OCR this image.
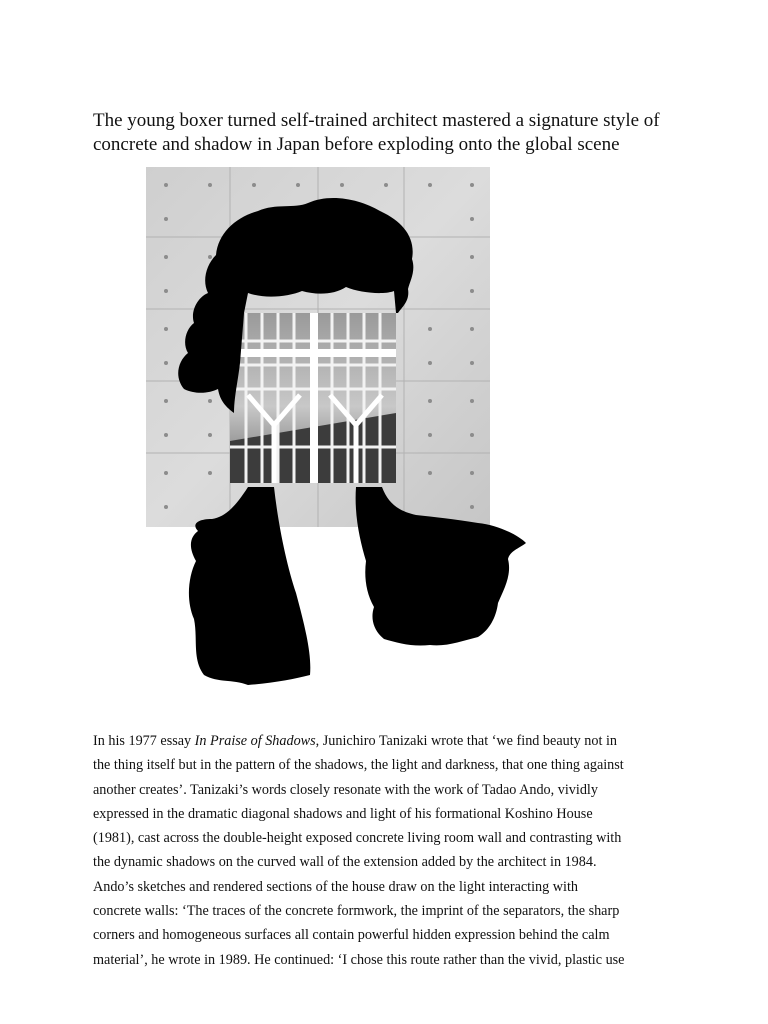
The young boxer turned self-trained architect mastered a signature style of
concrete and shadow in Japan before exploding onto the global scene

In his 1977 essay In Praise of Shadows, Junichiro Tanizaki wrote that ‘we find beauty not in
the thing itself but in the pattern of the shadows, the light and darkness, that one thing against
another creates’. Tanizaki’s words closely resonate with the work of Tadao Ando, vividly
expressed in the dramatic diagonal shadows and light of his formational Koshino House
(1981), cast across the double-height exposed concrete living room wall and contrasting with
the dynamic shadows on the curved wall of the extension added by the architect in 1984.
Ando’s sketches and rendered sections of the house draw on the light interacting with
concrete walls: ‘The traces of the concrete formwork, the imprint of the separators, the sharp
corners and homogeneous surfaces all contain powerful hidden expression behind the calm
material’, he wrote in 1989. He continued: ‘I chose this route rather than the vivid, plastic use
